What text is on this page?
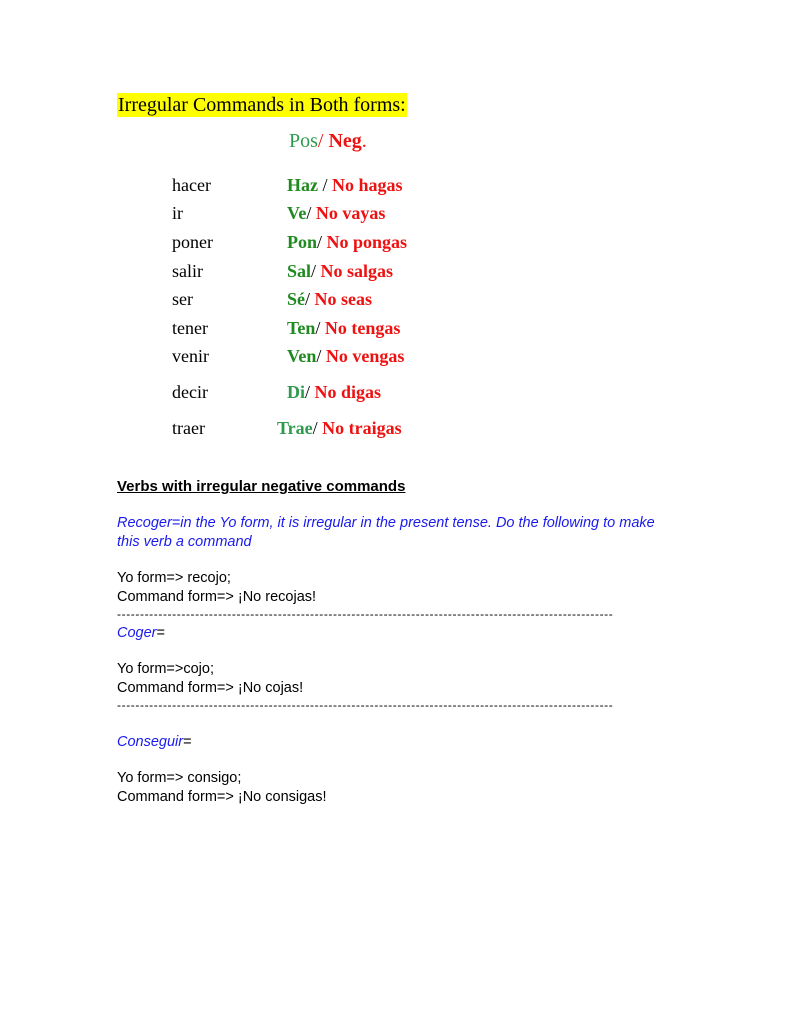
Irregular Commands in Both forms:
Pos/ Neg.
hacer	Haz / No hagas
ir	Ve/ No vayas
poner	Pon/ No pongas
salir	Sal/ No salgas
ser	Sé/ No seas
tener	Ten/ No tengas
venir	Ven/ No vengas
decir	Di/ No digas
traer	Trae/ No traigas
Verbs with irregular negative commands
Recoger=in the Yo form, it is irregular in the present tense. Do the following to make
this verb a command
Yo form=> recojo;
Command form=> ¡No recojas!
------------------------------------------------------------------------------------------------------------
Coger=
Yo form=>cojo;
Command form=> ¡No cojas!
------------------------------------------------------------------------------------------------------------
Conseguir=
Yo form=> consigo;
Command form=> ¡No consigas!
